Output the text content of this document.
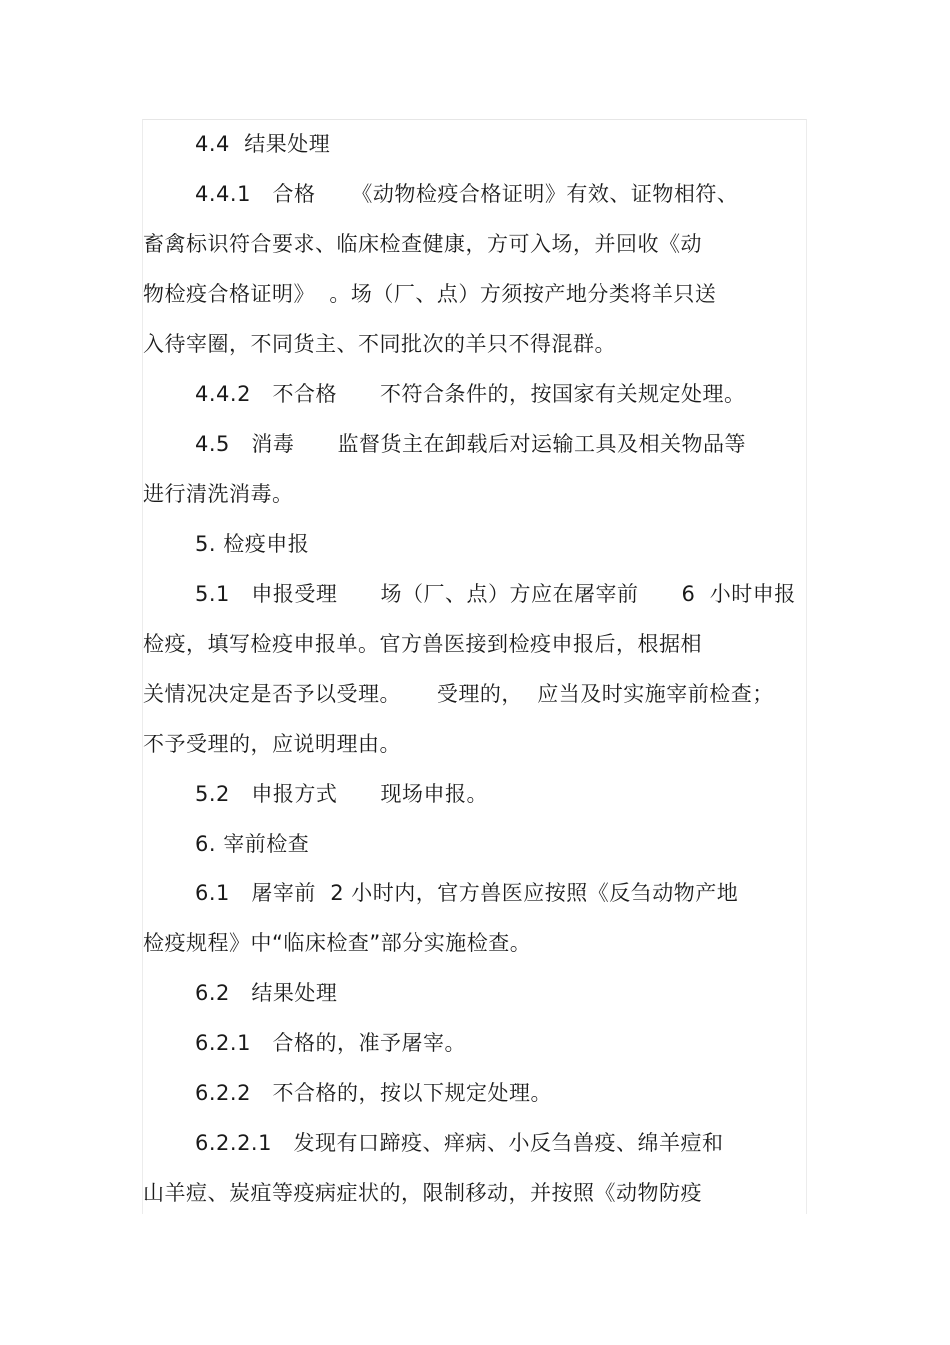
4.4  结果处理
4.4.1   合格     《动物检疫合格证明》有效、证物相符、
畜禽标识符合要求、临床检查健康，方可入场，并回收《动
物检疫合格证明》  。场（厂、点）方须按产地分类将羊只送
入待宰圈，不同货主、不同批次的羊只不得混群。
4.4.2   不合格      不符合条件的，按国家有关规定处理。
4.5   消毒      监督货主在卸载后对运输工具及相关物品等
进行清洗消毒。
5. 检疫申报
5.1   申报受理      场（厂、点）方应在屠宰前      6  小时申报
检疫，填写检疫申报单。官方兽医接到检疫申报后，根据相
关情况决定是否予以受理。     受理的，  应当及时实施宰前检查；
不予受理的，应说明理由。
5.2   申报方式      现场申报。
6. 宰前检查
6.1   屠宰前  2 小时内，官方兽医应按照《反刍动物产地
检疫规程》中“临床检查”部分实施检查。
6.2   结果处理
6.2.1   合格的，准予屠宰。
6.2.2   不合格的，按以下规定处理。
6.2.2.1   发现有口蹄疫、痒病、小反刍兽疫、绵羊痘和
山羊痘、炭疽等疫病症状的，限制移动，并按照《动物防疫
